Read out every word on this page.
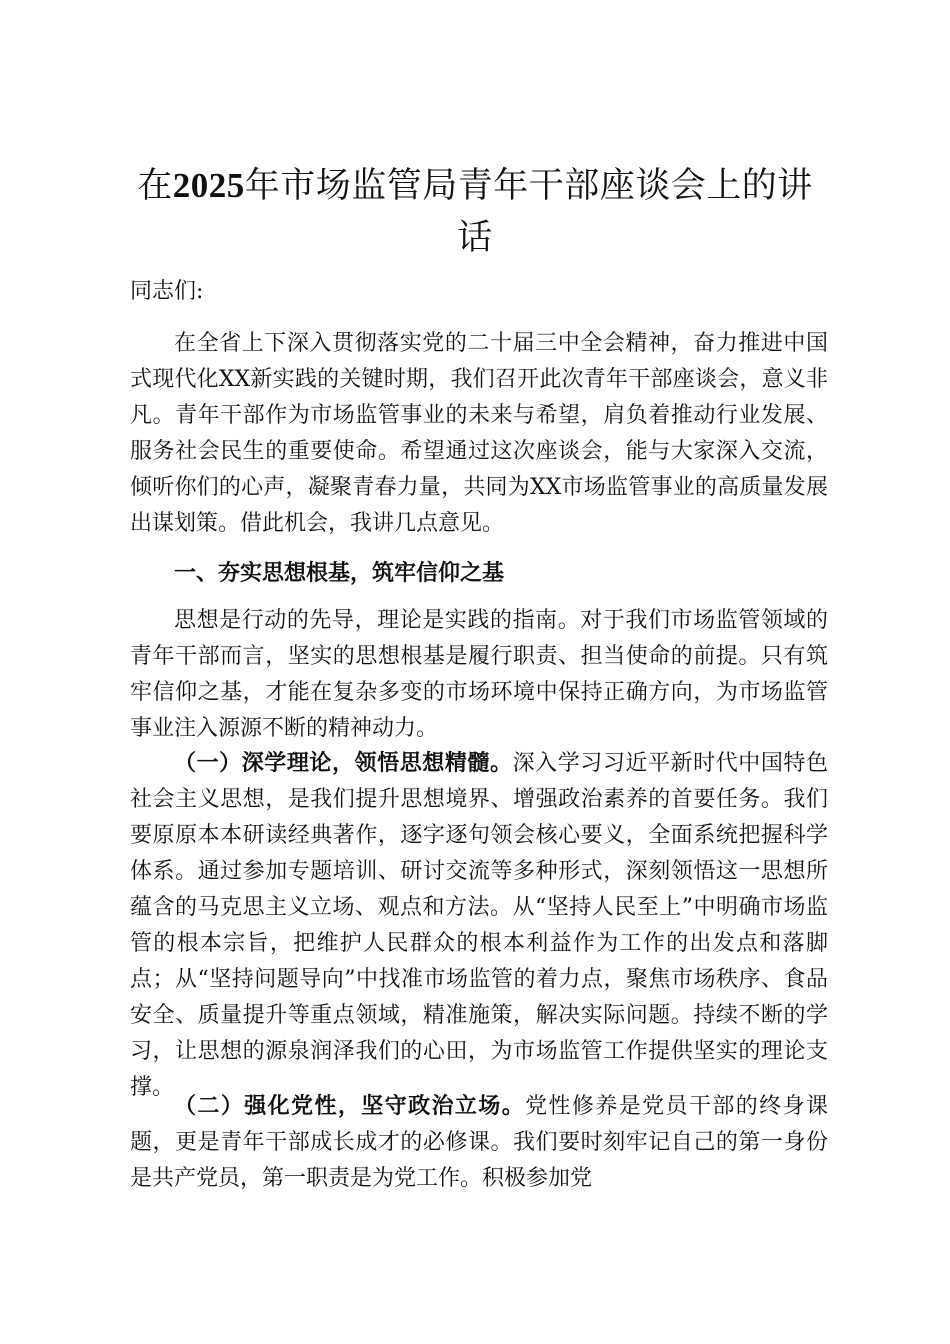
在2025年市场监管局青年干部座谈会上的讲话

同志们:

在全省上下深入贯彻落实党的二十届三中全会精神，奋力推进中国式现代化XX新实践的关键时期，我们召开此次青年干部座谈会，意义非凡。青年干部作为市场监管事业的未来与希望，肩负着推动行业发展、服务社会民生的重要使命。希望通过这次座谈会，能与大家深入交流，倾听你们的心声，凝聚青春力量，共同为XX市场监管事业的高质量发展出谋划策。借此机会，我讲几点意见。

一、夯实思想根基，筑牢信仰之基

思想是行动的先导，理论是实践的指南。对于我们市场监管领域的青年干部而言，坚实的思想根基是履行职责、担当使命的前提。只有筑牢信仰之基，才能在复杂多变的市场环境中保持正确方向，为市场监管事业注入源源不断的精神动力。

（一）深学理论，领悟思想精髓。深入学习习近平新时代中国特色社会主义思想，是我们提升思想境界、增强政治素养的首要任务。我们要原原本本研读经典著作，逐字逐句领会核心要义，全面系统把握科学体系。通过参加专题培训、研讨交流等多种形式，深刻领悟这一思想所蕴含的马克思主义立场、观点和方法。从“坚持人民至上”中明确市场监管的根本宗旨，把维护人民群众的根本利益作为工作的出发点和落脚点；从“坚持问题导向”中找准市场监管的着力点，聚焦市场秩序、食品安全、质量提升等重点领域，精准施策，解决实际问题。持续不断的学习，让思想的源泉润泽我们的心田，为市场监管工作提供坚实的理论支撑。

（二）强化党性，坚守政治立场。党性修养是党员干部的终身课题，更是青年干部成长成才的必修课。我们要时刻牢记自己的第一身份是共产党员，第一职责是为党工作。积极参加党
